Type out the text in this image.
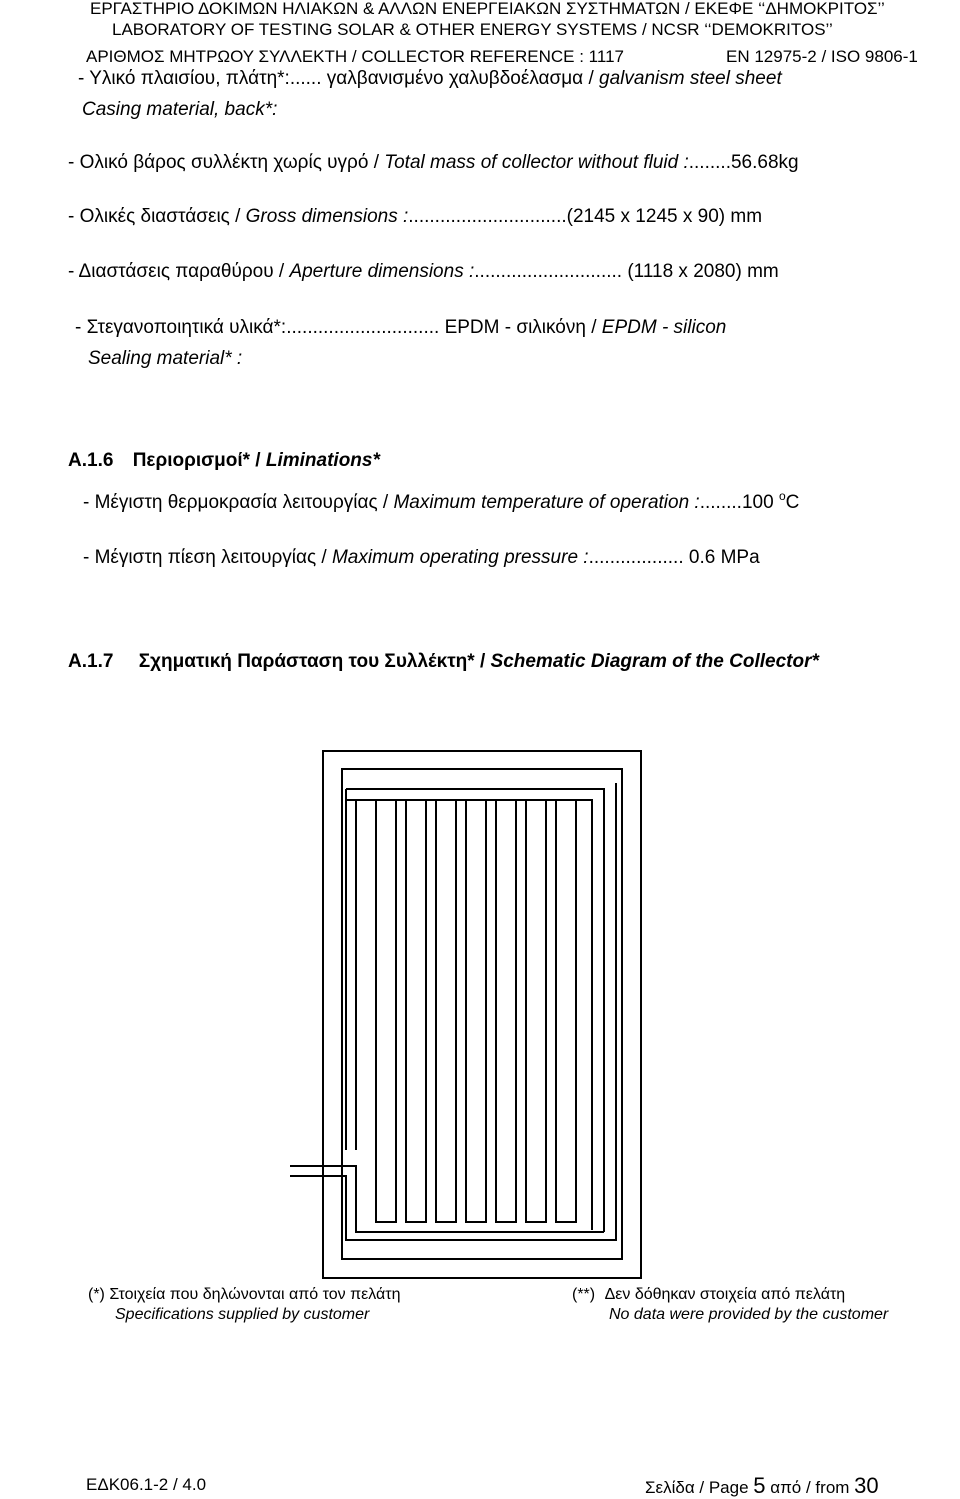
ΕΡΓΑΣΤΗΡΙΟ ΔΟΚΙΜΩΝ ΗΛΙΑΚΩΝ & ΑΛΛΩΝ ΕΝΕΡΓΕΙΑΚΩΝ ΣΥΣΤΗΜΑΤΩΝ / ΕΚΕΦΕ ‘‘ΔΗΜΟΚΡΙΤΟΣ’’
LABORATORY OF TESTING SOLAR & OTHER ENERGY SYSTEMS / NCSR ‘‘DEMOKRITOS’’
ΑΡΙΘΜΟΣ ΜΗΤΡΩΟΥ ΣΥΛΛΕΚΤΗ / COLLECTOR REFERENCE : 1117	EN 12975-2 / ISO 9806-1
- Υλικό πλαισίου, πλάτη*:...... γαλβανισμένο χαλυβδοέλασμα / galvanism steel sheet
Casing material, back*:
- Ολικό βάρος συλλέκτη χωρίς υγρό / Total mass of collector without fluid :........56.68kg
- Ολικές διαστάσεις / Gross dimensions :..............................(2145 x 1245 x 90) mm
- Διαστάσεις παραθύρου / Aperture dimensions :............................ (1118 x 2080) mm
- Στεγανοποιητικά υλικά*:............................. EPDM - σιλικόνη / EPDM - silicon
Sealing material* :
A.1.6 Περιορισμοί* / Liminations*
- Μέγιστη θερμοκρασία λειτουργίας / Maximum temperature of operation :........100 $^o$C
- Μέγιστη πίεση λειτουργίας / Maximum operating pressure :.................. 0.6 MPa
A.1.7 Σχηματική Παράσταση του Συλλέκτη* / Schematic Diagram of the Collector*
(*) Στοιχεία που δηλώνονται από τον πελάτη
Specifications supplied by customer
(**) Δεν δόθηκαν στοιχεία από πελάτη
No data were provided by the customer
ΕΔΚ06.1-2 / 4.0	Σελίδα / Page 5 από / from 30
